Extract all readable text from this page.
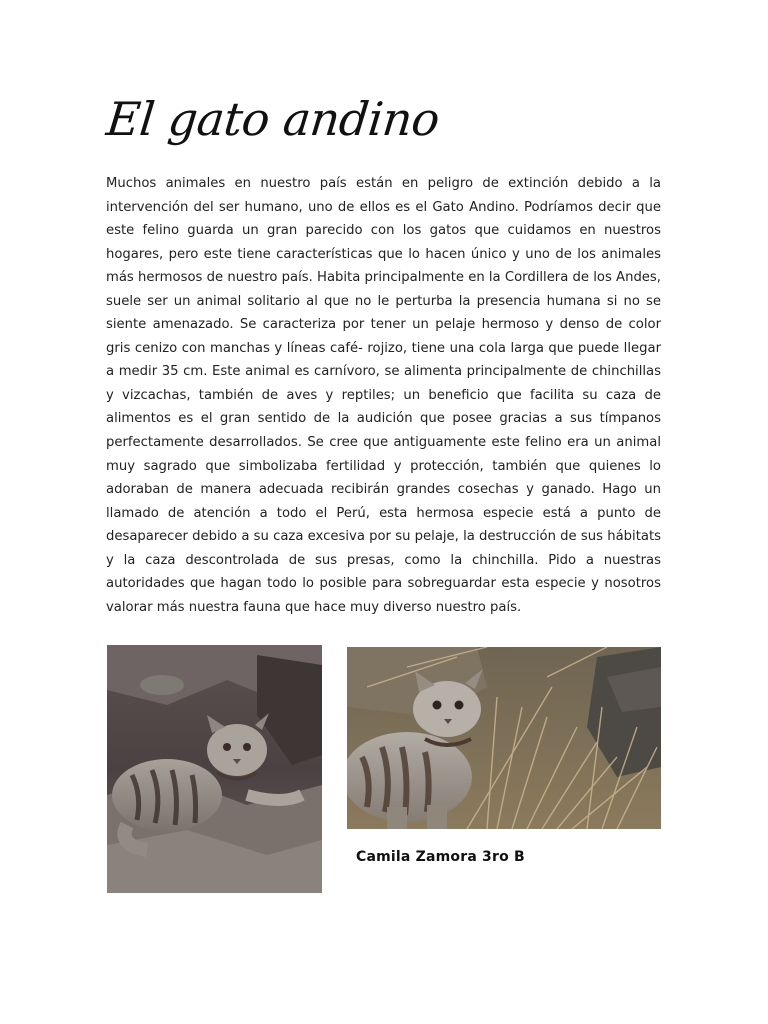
El gato andino

Muchos animales en nuestro país están en peligro de extinción debido a la intervención del ser humano, uno de ellos es el Gato Andino. Podríamos decir que este felino guarda un gran parecido con los gatos que cuidamos en nuestros hogares, pero este tiene características que lo hacen único y uno de los animales más hermosos de nuestro país. Habita principalmente en la Cordillera de los Andes, suele ser un animal solitario al que no le perturba la presencia humana si no se siente amenazado. Se caracteriza por tener un pelaje hermoso y denso de color gris cenizo con manchas y líneas café- rojizo, tiene una cola larga que puede llegar a medir 35 cm. Este animal es carnívoro, se alimenta principalmente de chinchillas y vizcachas, también de aves y reptiles; un beneficio que facilita su caza de alimentos es el gran sentido de la audición que posee gracias a sus tímpanos perfectamente desarrollados. Se cree que antiguamente este felino era un animal muy sagrado que simbolizaba fertilidad y protección, también que quienes lo adoraban de manera adecuada recibirán grandes cosechas y ganado. Hago un llamado de atención a todo el Perú, esta hermosa especie está a punto de desaparecer debido a su caza excesiva por su pelaje, la destrucción de sus hábitats y la caza descontrolada de sus presas, como la chinchilla. Pido a nuestras autoridades que hagan todo lo posible para sobreguardar esta especie y nosotros valorar más nuestra fauna que hace muy diverso nuestro país.

Camila Zamora 3ro B
